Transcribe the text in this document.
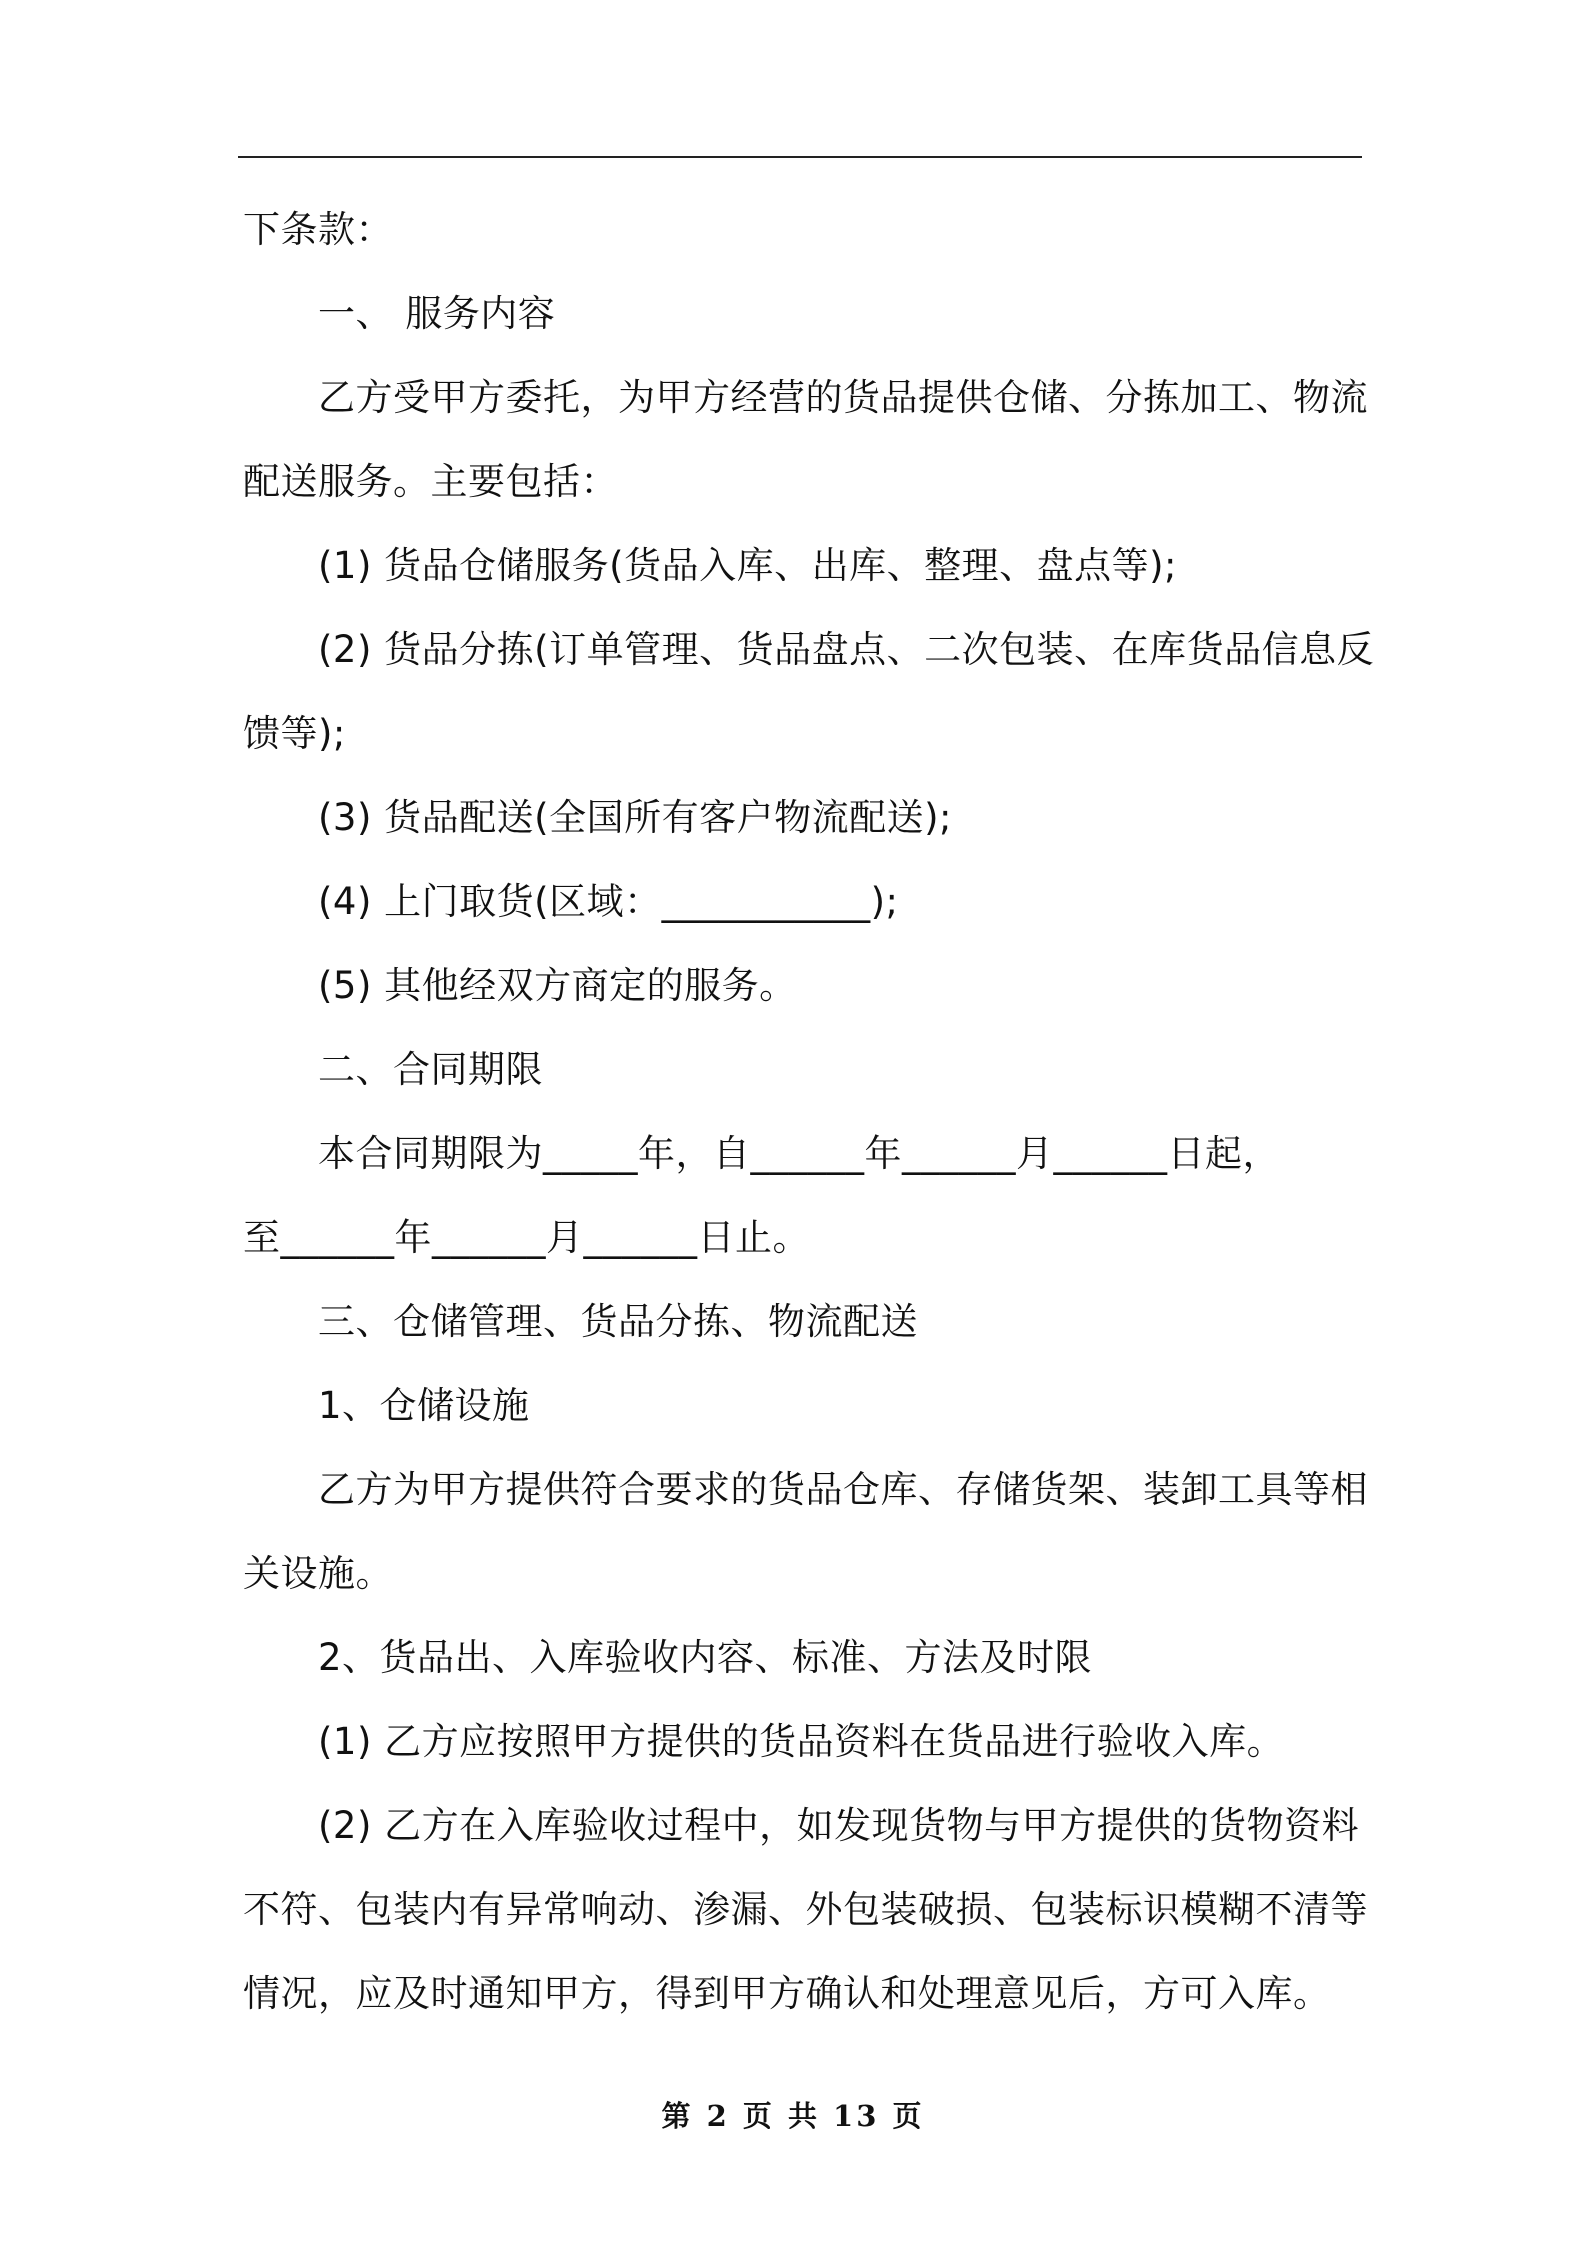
下条款：
一、 服务内容
乙方受甲方委托，为甲方经营的货品提供仓储、分拣加工、物流
配送服务。主要包括：
(1) 货品仓储服务(货品入库、出库、整理、盘点等);
(2) 货品分拣(订单管理、货品盘点、二次包装、在库货品信息反
馈等);
(3) 货品配送(全国所有客户物流配送);
(4) 上门取货(区域：___________);
(5) 其他经双方商定的服务。
二、合同期限
本合同期限为_____年，自______年______月______日起，
至______年______月______日止。
三、仓储管理、货品分拣、物流配送
1、仓储设施
乙方为甲方提供符合要求的货品仓库、存储货架、装卸工具等相
关设施。
2、货品出、入库验收内容、标准、方法及时限
(1) 乙方应按照甲方提供的货品资料在货品进行验收入库。
(2) 乙方在入库验收过程中，如发现货物与甲方提供的货物资料
不符、包装内有异常响动、渗漏、外包装破损、包装标识模糊不清等
情况，应及时通知甲方，得到甲方确认和处理意见后，方可入库。
第 2 页 共 13 页
